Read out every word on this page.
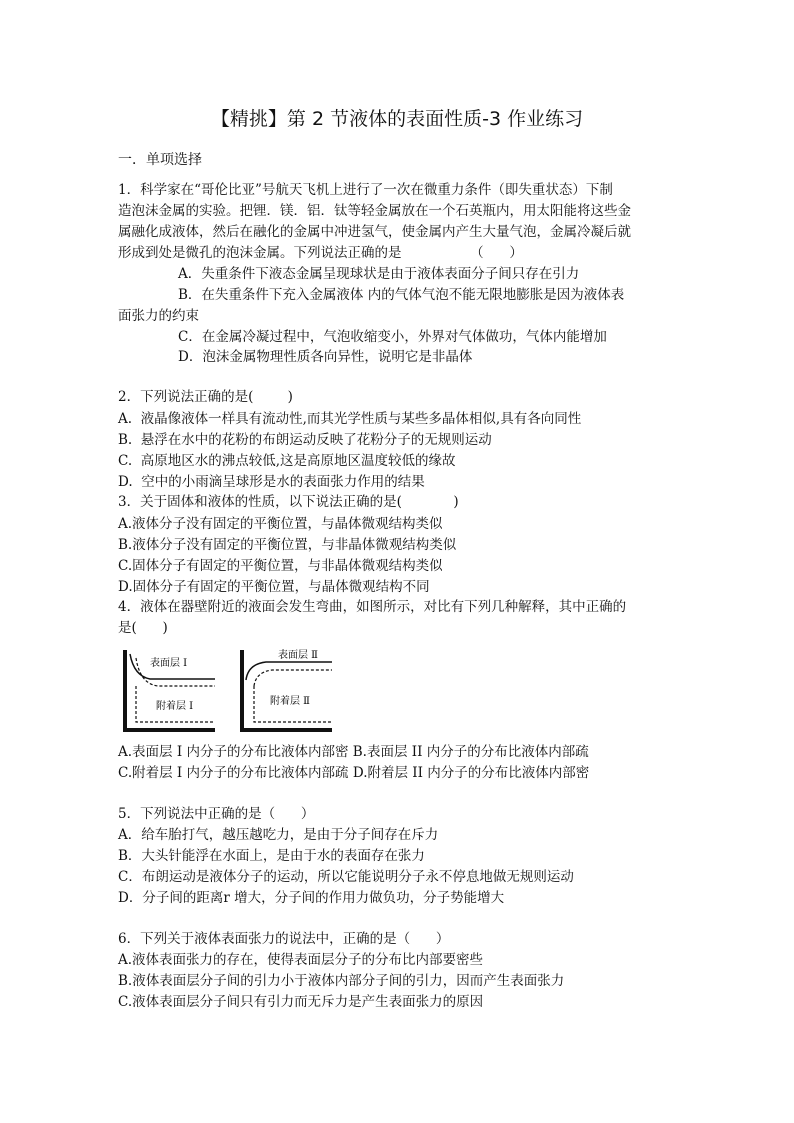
【精挑】第 2 节液体的表面性质-3 作业练习
一．单项选择
1．科学家在“哥伦比亚”号航天飞机上进行了一次在微重力条件（即失重状态）下制
造泡沫金属的实验。把锂．镁．铝．钛等轻金属放在一个石英瓶内，用太阳能将这些金
属融化成液体，然后在融化的金属中冲进氢气，使金属内产生大量气泡，金属冷凝后就
形成到处是微孔的泡沫金属。下列说法正确的是                （      ）
A．失重条件下液态金属呈现球状是由于液体表面分子间只存在引力
B．在失重条件下充入金属液体 内的气体气泡不能无限地膨胀是因为液体表
面张力的约束
C．在金属冷凝过程中，气泡收缩变小，外界对气体做功，气体内能增加
D．泡沫金属物理性质各向异性，说明它是非晶体
2．下列说法正确的是(        )
A.  液晶像液体一样具有流动性,而其光学性质与某些多晶体相似,具有各向同性
B.  悬浮在水中的花粉的布朗运动反映了花粉分子的无规则运动
C.  高原地区水的沸点较低,这是高原地区温度较低的缘故
D.  空中的小雨滴呈球形是水的表面张力作用的结果
3．关于固体和液体的性质，以下说法正确的是(            )
A.液体分子没有固定的平衡位置，与晶体微观结构类似
B.液体分子没有固定的平衡位置，与非晶体微观结构类似
C.固体分子有固定的平衡位置，与非晶体微观结构类似
D.固体分子有固定的平衡位置，与晶体微观结构不同
4．液体在器壁附近的液面会发生弯曲，如图所示，对比有下列几种解释，其中正确的
是(      )
表面层 Ⅰ
附着层 Ⅰ
表面层 Ⅱ
附着层 Ⅱ
A.表面层 I 内分子的分布比液体内部密 B.表面层 II 内分子的分布比液体内部疏
C.附着层 I 内分子的分布比液体内部疏 D.附着层 II 内分子的分布比液体内部密
5．下列说法中正确的是（      ）
A．给车胎打气，越压越吃力，是由于分子间存在斥力
B．大头针能浮在水面上，是由于水的表面存在张力
C．布朗运动是液体分子的运动，所以它能说明分子永不停息地做无规则运动
D．分子间的距离r 增大，分子间的作用力做负功，分子势能增大
6．下列关于液体表面张力的说法中，正确的是（      ）
A.液体表面张力的存在，使得表面层分子的分布比内部要密些
B.液体表面层分子间的引力小于液体内部分子间的引力，因而产生表面张力
C.液体表面层分子间只有引力而无斥力是产生表面张力的原因
